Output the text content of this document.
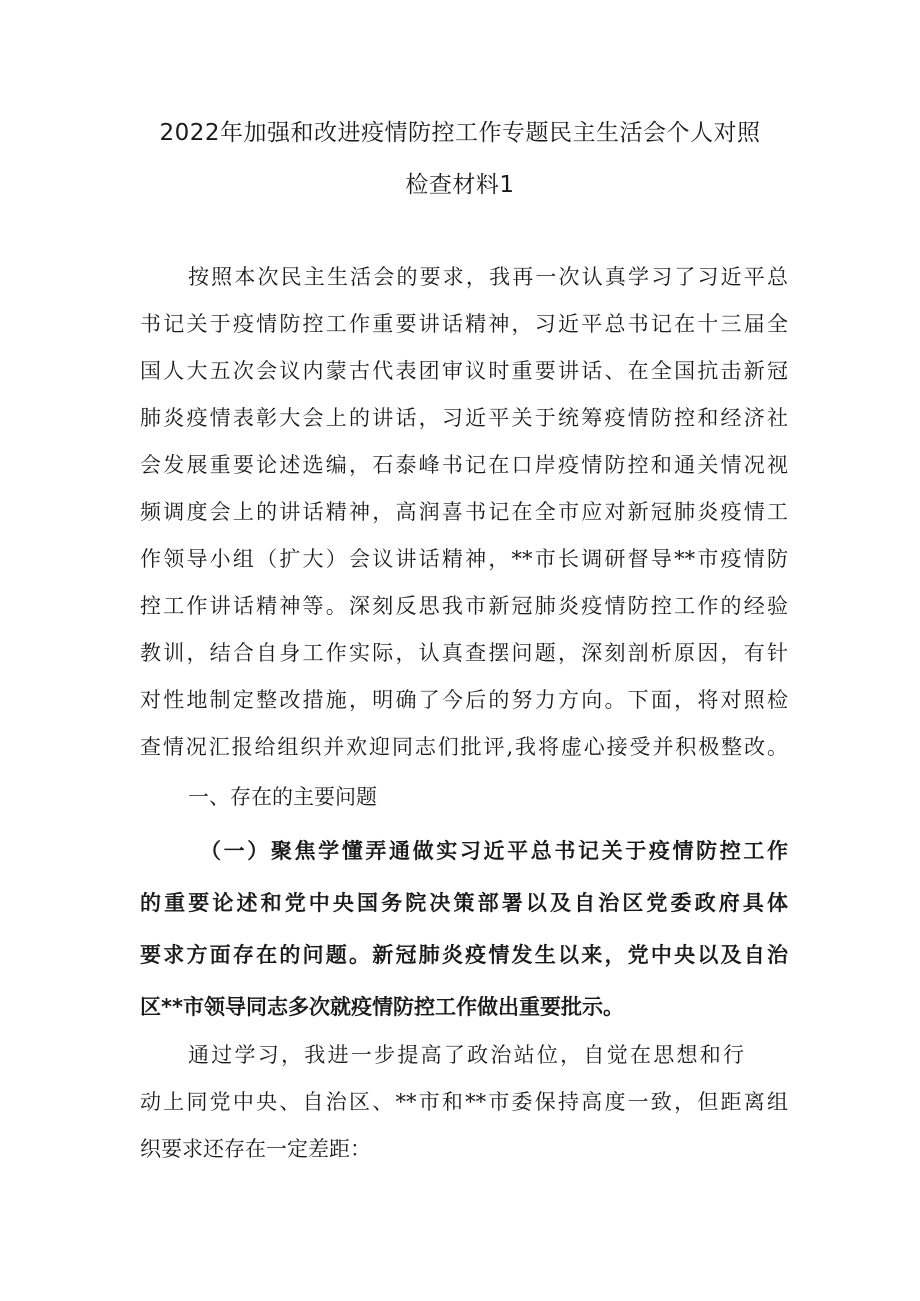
2022年加强和改进疫情防控工作专题民主生活会个人对照
检查材料1
按照本次民主生活会的要求，我再一次认真学习了习近平总
书记关于疫情防控工作重要讲话精神，习近平总书记在十三届全
国人大五次会议内蒙古代表团审议时重要讲话、在全国抗击新冠
肺炎疫情表彰大会上的讲话，习近平关于统筹疫情防控和经济社
会发展重要论述选编，石泰峰书记在口岸疫情防控和通关情况视
频调度会上的讲话精神，高润喜书记在全市应对新冠肺炎疫情工
作领导小组（扩大）会议讲话精神，**市长调研督导**市疫情防
控工作讲话精神等。深刻反思我市新冠肺炎疫情防控工作的经验
教训，结合自身工作实际，认真查摆问题，深刻剖析原因，有针
对性地制定整改措施，明确了今后的努力方向。下面，将对照检
查情况汇报给组织并欢迎同志们批评,我将虚心接受并积极整改。
一、存在的主要问题
（一）聚焦学懂弄通做实习近平总书记关于疫情防控工作
的重要论述和党中央国务院决策部署以及自治区党委政府具体
要求方面存在的问题。新冠肺炎疫情发生以来，党中央以及自治
区**市领导同志多次就疫情防控工作做出重要批示。
通过学习，我进一步提高了政治站位，自觉在思想和行
动上同党中央、自治区、**市和**市委保持高度一致，但距离组
织要求还存在一定差距：
